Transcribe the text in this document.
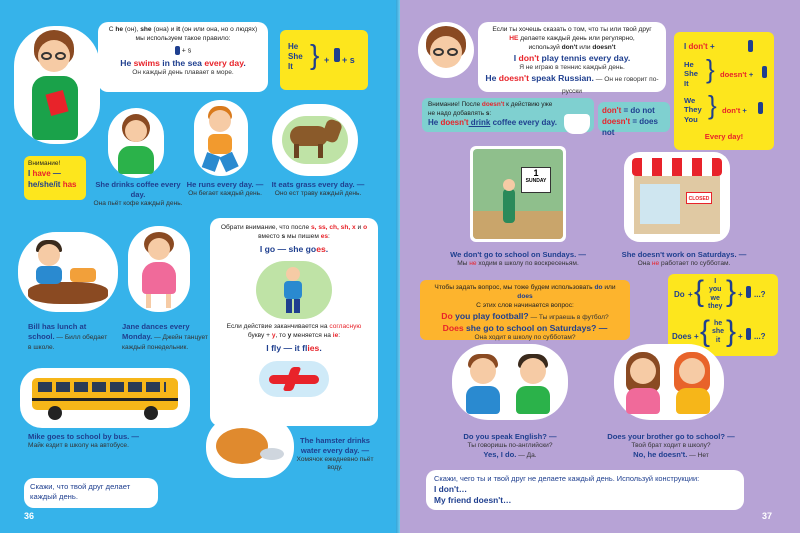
С he (он), she (она) и it (он или она, но о людях)
мы используем такое правило:
+ s
He swims in the sea every day.
Он каждый день плавает в море.
He
She
It } + + s
Внимание!
I have —
he/she/it has	She drinks coffee every day.
Она пьёт кофе каждый день.
He runs every day. —
Он бегает каждый день.
It eats grass every day. —
Оно ест траву каждый день.
Обрати внимание, что после s, ss, ch, sh, x и o
вместо s мы пишем es:
I go — she goes.
Если действие заканчивается на согласную
букву + y, то y меняется на ie:
I fly — it flies.
Bill has lunch at school. — Билл обедает в школе.
Jane dances every Monday. — Джейн танцует каждый понедельник.
Mike goes to school by bus. —
Майк ездит в школу на автобусе.
The hamster drinks water every day. —
Хомячок ежедневно пьёт воду.
Скажи, что твой друг делает каждый день.
36
Если ты хочешь сказать о том, что ты или твой друг
НЕ делаете каждый день или регулярно,
используй don't или doesn't
I don't play tennis every day.
Я не играю в теннис каждый день.
He doesn't speak Russian. — Он не говорит по-русски
I don't +
He
She
It } doesn't +
We
They
You } don't +
Every day!
Внимание! После doesn't к действию уже
не надо добавлять s:
He doesn't drink coffee every day.
don't = do not
doesn't = does not
1
SUNDAY
We don't go to school on Sundays. —
Мы не ходим в школу по воскресеньям.
CLOSED
She doesn't work on Saturdays. —
Она не работает по субботам.
Чтобы задать вопрос, мы тоже будем использовать do или does
С этих слов начинается вопрос:
Do you play football? — Ты играешь в футбол?
Does she go to school on Saturdays? —
Она ходит в школу по субботам?
Do + {	I
you
we
they } + ...?
Does + { he
she
it } + ...?
Do you speak English? —
Ты говоришь по-английски?
Yes, I do. — Да.
Does your brother go to school? —
Твой брат ходит в школу?
No, he doesn't. — Нет
Скажи, чего ты и твой друг не делаете каждый день. Используй конструкции:
I don't…
My friend doesn't…
37
